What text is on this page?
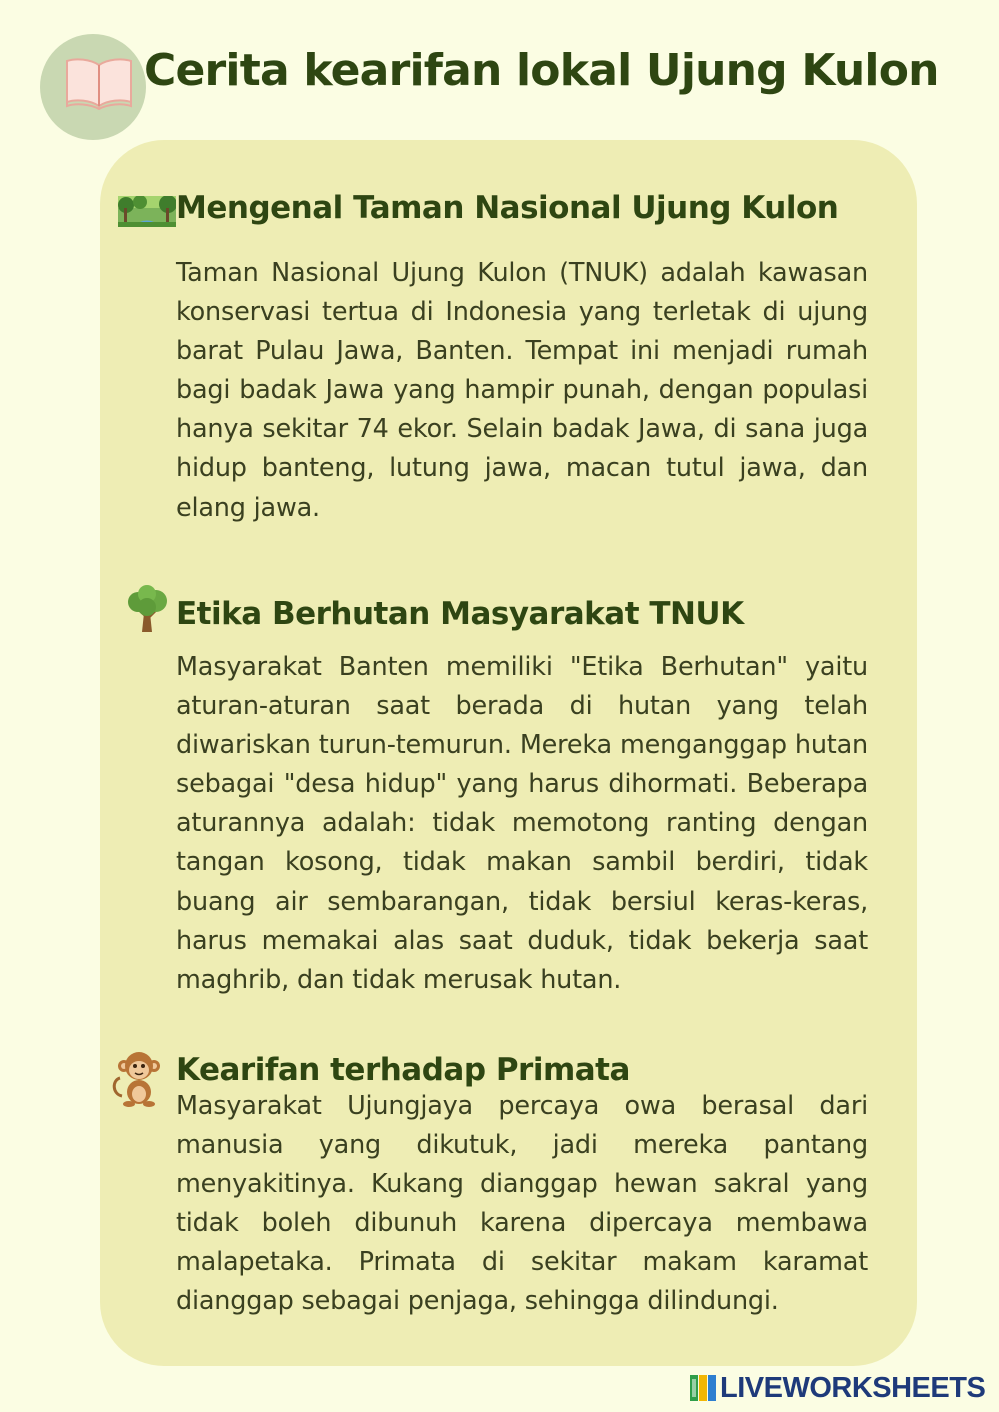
Cerita kearifan lokal Ujung Kulon
Mengenal Taman Nasional Ujung Kulon

Taman Nasional Ujung Kulon (TNUK) adalah kawasan konservasi tertua di Indonesia yang terletak di ujung barat Pulau Jawa, Banten. Tempat ini menjadi rumah bagi badak Jawa yang hampir punah, dengan populasi hanya sekitar 74 ekor. Selain badak Jawa, di sana juga hidup banteng, lutung jawa, macan tutul jawa, dan elang jawa.

Etika Berhutan Masyarakat TNUK

Masyarakat Banten memiliki "Etika Berhutan" yaitu aturan-aturan saat berada di hutan yang telah diwariskan turun-temurun. Mereka menganggap hutan sebagai "desa hidup" yang harus dihormati. Beberapa aturannya adalah: tidak memotong ranting dengan tangan kosong, tidak makan sambil berdiri, tidak buang air sembarangan, tidak bersiul keras-keras, harus memakai alas saat duduk, tidak bekerja saat maghrib, dan tidak merusak hutan.

Kearifan terhadap Primata

Masyarakat Ujungjaya percaya owa berasal dari manusia yang dikutuk, jadi mereka pantang menyakitinya. Kukang dianggap hewan sakral yang tidak boleh dibunuh karena dipercaya membawa malapetaka. Primata di sekitar makam karamat dianggap sebagai penjaga, sehingga dilindungi.

LIVEWORKSHEETS
